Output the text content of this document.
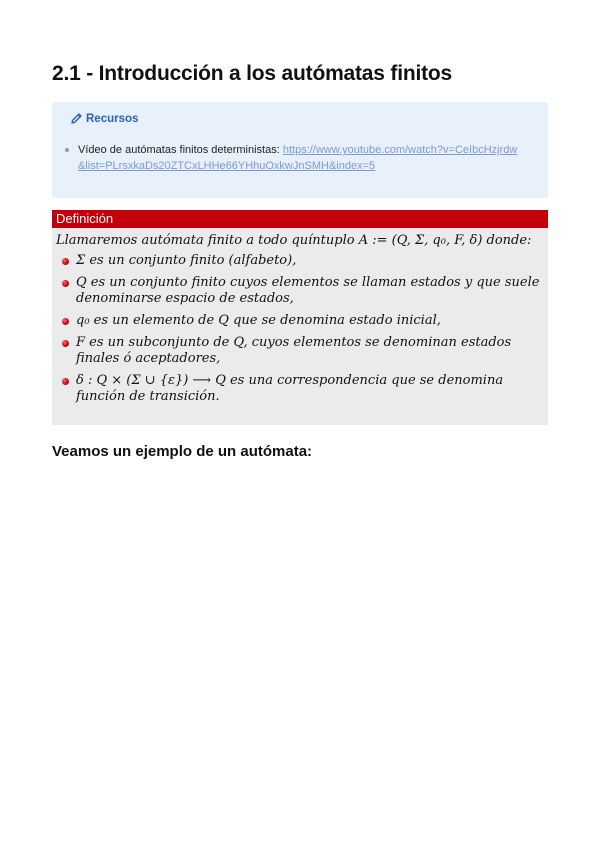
2.1 - Introducción a los autómatas finitos
Recursos
Vídeo de autómatas finitos deterministas: https://www.youtube.com/watch?v=CeIbcHzjrdw&list=PLrsxkaDs20ZTCxLHHe66YHhuOxkwJnSMH&index=5
Definición
Llamaremos autómata finito a todo quíntuplo A := (Q, Σ, q₀, F, δ) donde:
Σ es un conjunto finito (alfabeto),
Q es un conjunto finito cuyos elementos se llaman estados y que suele denominarse espacio de estados,
q₀ es un elemento de Q que se denomina estado inicial,
F es un subconjunto de Q, cuyos elementos se denominan estados finales ó aceptadores,
δ : Q × (Σ ∪ {ε}) ⟶ Q es una correspondencia que se denomina función de transición.
Veamos un ejemplo de un autómata:
